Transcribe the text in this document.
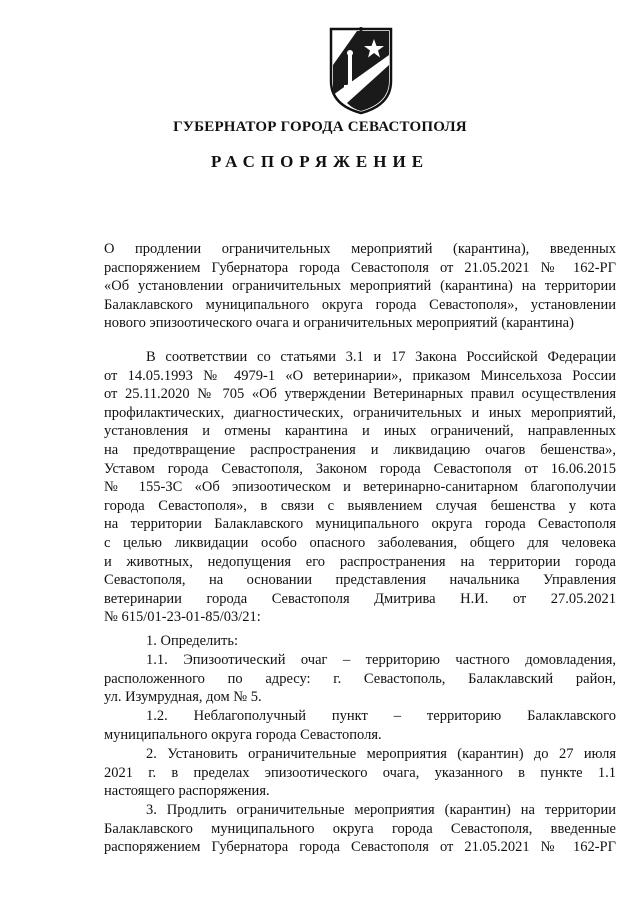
ГУБЕРНАТОР ГОРОДА СЕВАСТОПОЛЯ
РАСПОРЯЖЕНИЕ
О продлении ограничительных мероприятий (карантина), введенных
распоряжением Губернатора города Севастополя от 21.05.2021 № 162-РГ
«Об установлении ограничительных мероприятий (карантина) на территории
Балаклавского муниципального округа города Севастополя», установлении
нового эпизоотического очага и ограничительных мероприятий (карантина)
В соответствии со статьями 3.1 и 17 Закона Российской Федерации
от 14.05.1993 № 4979-1 «О ветеринарии», приказом Минсельхоза России
от 25.11.2020 № 705 «Об утверждении Ветеринарных правил осуществления
профилактических, диагностических, ограничительных и иных мероприятий,
установления и отмены карантина и иных ограничений, направленных
на предотвращение распространения и ликвидацию очагов бешенства»,
Уставом города Севастополя, Законом города Севастополя от 16.06.2015
№ 155-ЗС «Об эпизоотическом и ветеринарно-санитарном благополучии
города Севастополя», в связи с выявлением случая бешенства у кота
на территории Балаклавского муниципального округа города Севастополя
с целью ликвидации особо опасного заболевания, общего для человека
и животных, недопущения его распространения на территории города
Севастополя, на основании представления начальника Управления
ветеринарии города Севастополя Дмитрива Н.И. от 27.05.2021
№ 615/01-23-01-85/03/21:
1. Определить:
1.1. Эпизоотический очаг – территорию частного домовладения,
расположенного по адресу: г. Севастополь, Балаклавский район,
ул. Изумрудная, дом № 5.
1.2. Неблагополучный пункт – территорию Балаклавского
муниципального округа города Севастополя.
2. Установить ограничительные мероприятия (карантин) до 27 июля
2021 г. в пределах эпизоотического очага, указанного в пункте 1.1
настоящего распоряжения.
3. Продлить ограничительные мероприятия (карантин) на территории
Балаклавского муниципального округа города Севастополя, введенные
распоряжением Губернатора города Севастополя от 21.05.2021 № 162-РГ
